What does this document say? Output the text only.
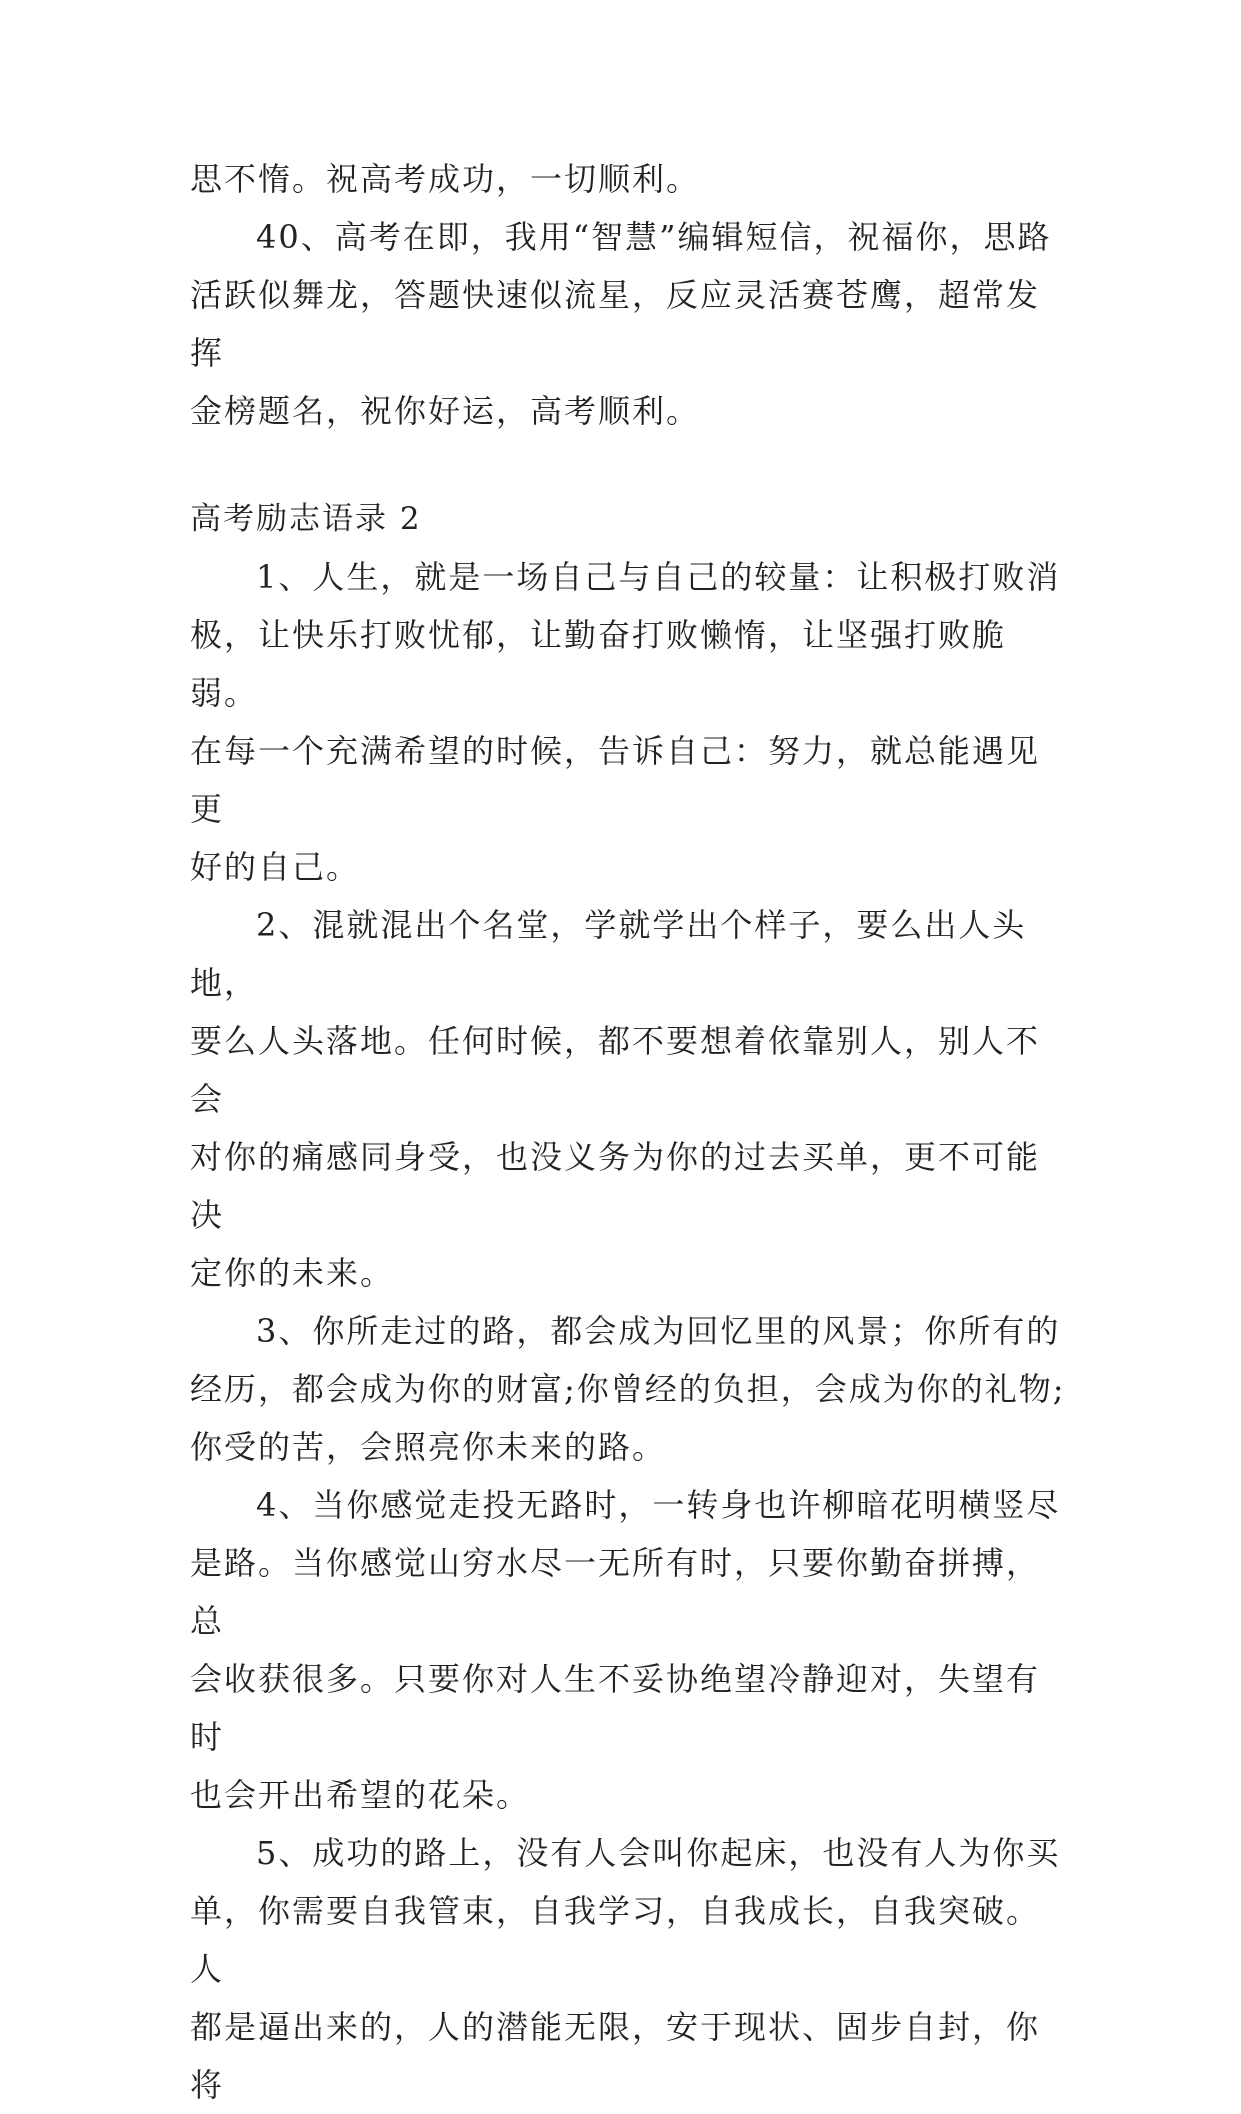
思不惰。祝高考成功，一切顺利。

40、高考在即，我用“智慧”编辑短信，祝福你，思路
活跃似舞龙，答题快速似流星，反应灵活赛苍鹰，超常发挥
金榜题名，祝你好运，高考顺利。

高考励志语录 2

1、人生，就是一场自己与自己的较量：让积极打败消
极，让快乐打败忧郁，让勤奋打败懒惰，让坚强打败脆弱。
在每一个充满希望的时候，告诉自己：努力，就总能遇见更
好的自己。

2、混就混出个名堂，学就学出个样子，要么出人头地，
要么人头落地。任何时候，都不要想着依靠别人，别人不会
对你的痛感同身受，也没义务为你的过去买单，更不可能决
定你的未来。

3、你所走过的路，都会成为回忆里的风景；你所有的
经历，都会成为你的财富;你曾经的负担，会成为你的礼物;
你受的苦，会照亮你未来的路。

4、当你感觉走投无路时，一转身也许柳暗花明横竖尽
是路。当你感觉山穷水尽一无所有时，只要你勤奋拼搏，总
会收获很多。只要你对人生不妥协绝望冷静迎对，失望有时
也会开出希望的花朵。

5、成功的路上，没有人会叫你起床，也没有人为你买
单，你需要自我管束，自我学习，自我成长，自我突破。人
都是逼出来的，人的潜能无限，安于现状、固步自封，你将
